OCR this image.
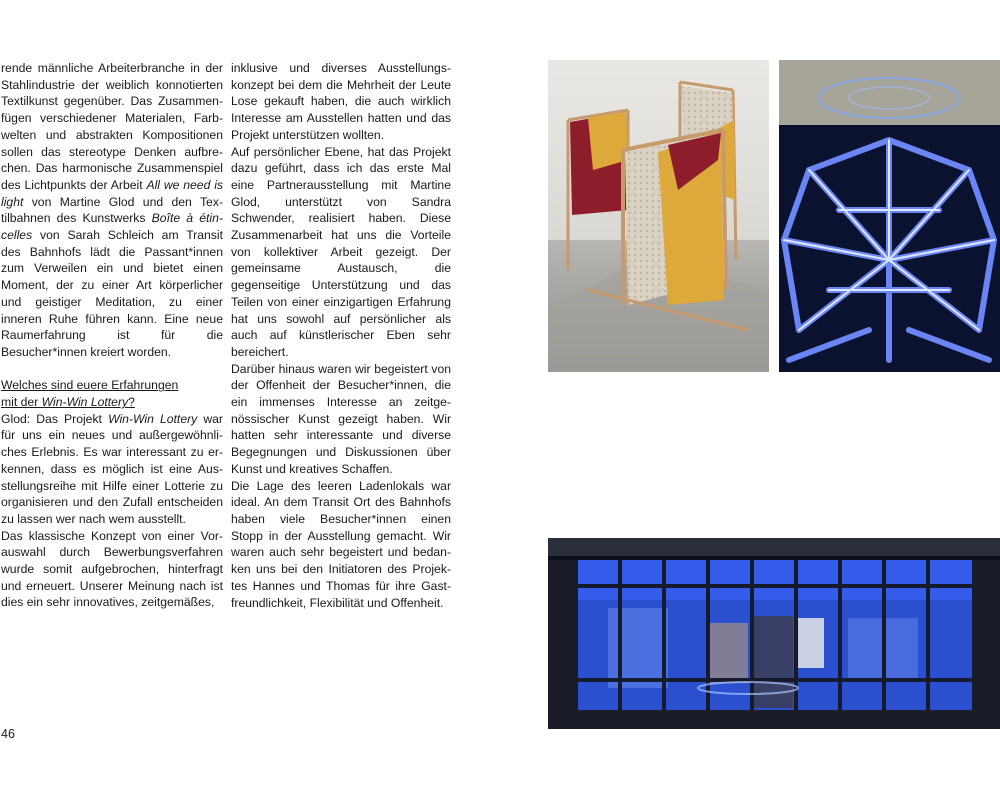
rende männliche Arbeiterbranche in der Stahlindustrie der weiblich konnotierten Textilkunst gegenüber. Das Zusammenfügen verschiedener Materialen, Farbwelten und abstrakten Kompositionen sollen das stereotype Denken aufbrechen. Das harmonische Zusammenspiel des Lichtpunkts der Arbeit All we need is light von Martine Glod und den Textilbahnen des Kunstwerks Boîte à étincelles von Sarah Schleich am Transit des Bahnhofs lädt die Passant*innen zum Verweilen ein und bietet einen Moment, der zu einer Art körperlicher und geistiger Meditation, zu einer inneren Ruhe führen kann. Eine neue Raumerfahrung ist für die Besucher*innen kreiert worden.

Welches sind euere Erfahrungen
mit der Win-Win Lottery?

Glod: Das Projekt Win-Win Lottery war für uns ein neues und außergewöhnliches Erlebnis. Es war interessant zu erkennen, dass es möglich ist eine Ausstellungsreihe mit Hilfe einer Lotterie zu organisieren und den Zufall entscheiden zu lassen wer nach wem ausstellt.

Das klassische Konzept von einer Vorauswahl durch Bewerbungsverfahren wurde somit aufgebrochen, hinterfragt und erneuert. Unserer Meinung nach ist dies ein sehr innovatives, zeitgemäßes,

inklusive und diverses Ausstellungskonzept bei dem die Mehrheit der Leute Lose gekauft haben, die auch wirklich Interesse am Ausstellen hatten und das Projekt unterstützen wollten.

Auf persönlicher Ebene, hat das Projekt dazu geführt, dass ich das erste Mal eine Partnerausstellung mit Martine Glod, unterstützt von Sandra Schwender, realisiert haben. Diese Zusammenarbeit hat uns die Vorteile von kollektiver Arbeit gezeigt. Der gemeinsame Austausch, die gegenseitige Unterstützung und das Teilen von einer einzigartigen Erfahrung hat uns sowohl auf persönlicher als auch auf künstlerischer Eben sehr bereichert.

Darüber hinaus waren wir begeistert von der Offenheit der Besucher*innen, die ein immenses Interesse an zeitgenössischer Kunst gezeigt haben. Wir hatten sehr interessante und diverse Begegnungen und Diskussionen über Kunst und kreatives Schaffen.

Die Lage des leeren Ladenlokals war ideal. An dem Transit Ort des Bahnhofs haben viele Besucher*innen einen Stopp in der Ausstellung gemacht. Wir waren auch sehr begeistert und bedanken uns bei den Initiatoren des Projektes Hannes und Thomas für ihre Gastfreundlichkeit, Flexibilität und Offenheit.

46
